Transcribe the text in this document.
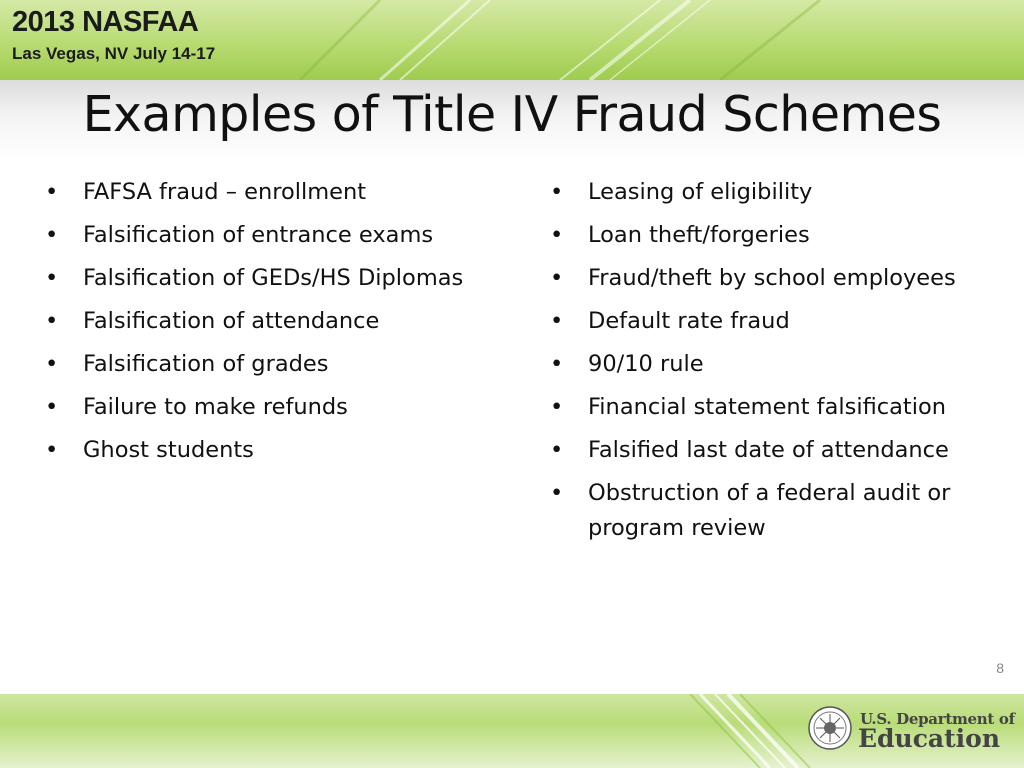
2013 NASFAA
Las Vegas, NV July 14-17
Examples of Title IV Fraud Schemes
• FAFSA fraud – enrollment
• Falsification of entrance exams
• Falsification of GEDs/HS Diplomas
• Falsification of attendance
• Falsification of grades
• Failure to make refunds
• Ghost students
• Leasing of eligibility
• Loan theft/forgeries
• Fraud/theft by school employees
• Default rate fraud
• 90/10 rule
• Financial statement falsification
• Falsified last date of attendance
• Obstruction of a federal audit or program review
8
U.S. Department of
Education
